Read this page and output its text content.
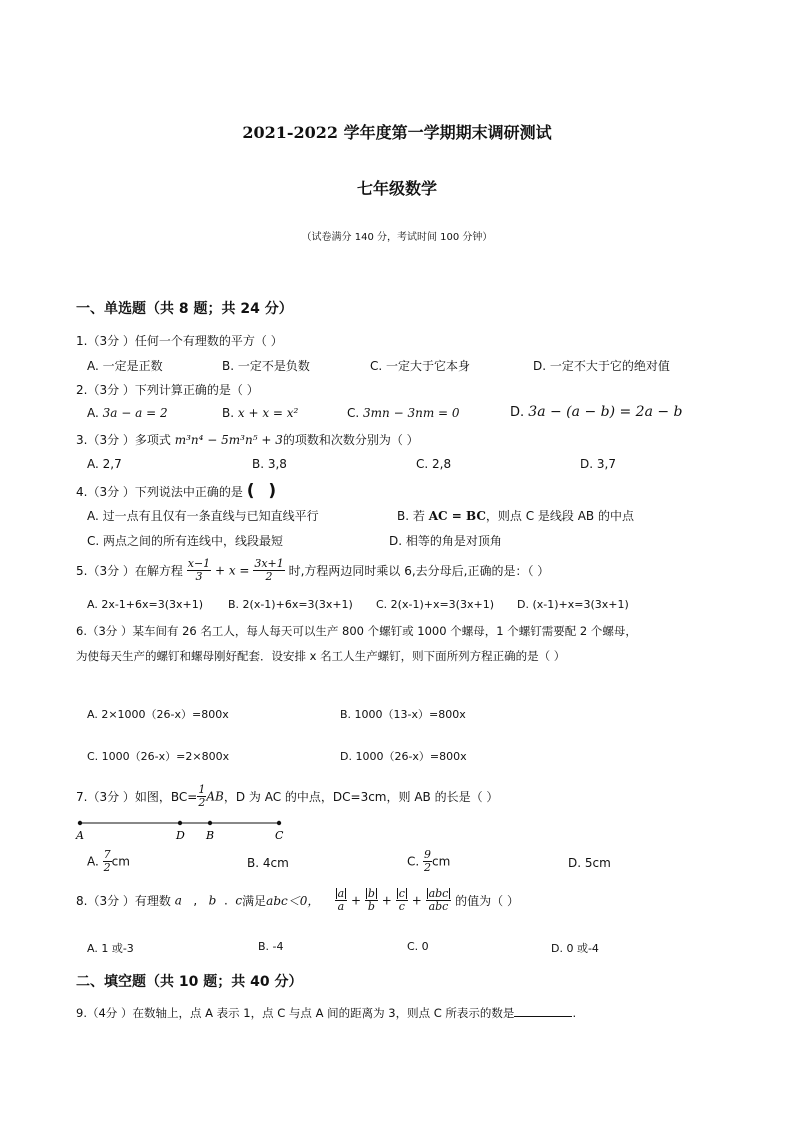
2021-2022 学年度第一学期期末调研测试
七年级数学
（试卷满分 140 分，考试时间 100 分钟）
一、单选题（共 8 题；共 24 分）
1.（3分 ）任何一个有理数的平方（ ）
A. 一定是正数	B. 一定不是负数	C. 一定大于它本身	D. 一定不大于它的绝对值
2.（3分 ）下列计算正确的是（ ）
A. 3a − a = 2	B. x + x = x²	C. 3mn − 3nm = 0	D. 3a − (a − b) = 2a − b
3.（3分 ）多项式 m³n⁴ − 5m³n⁵ + 3的项数和次数分别为（ ）
A. 2,7	B. 3,8	C. 2,8	D. 3,7
4.（3分 ）下列说法中正确的是 ( )
A. 过一点有且仅有一条直线与已知直线平行	B. 若 AC = BC，则点 C 是线段 AB 的中点
C. 两点之间的所有连线中，线段最短	D. 相等的角是对顶角
5.（3分 ）在解方程 $\frac{x-1}{3} + x = \frac{3x+1}{2}$ 时,方程两边同时乘以 6,去分母后,正确的是：（ ）
A. 2x-1+6x=3(3x+1) B. 2(x-1)+6x=3(3x+1) C. 2(x-1)+x=3(3x+1) D. (x-1)+x=3(3x+1)
6.（3分 ）某车间有 26 名工人，每人每天可以生产 800 个螺钉或 1000 个螺母，1 个螺钉需要配 2 个螺母，
为使每天生产的螺钉和螺母刚好配套．设安排 x 名工人生产螺钉，则下面所列方程正确的是（ ）
A. 2×1000（26-x）=800x	B. 1000（13-x）=800x
C. 1000（26-x）=2×800x	D. 1000（26-x）=800x
7.（3分 ）如图，$BC= \frac{1}{2}$ AB，D 为 AC 的中点，DC=3cm，则 AB 的长是（ ）
A	D B	C
A. $\frac{7}{2}$ cm	B. 4cm	C. $\frac{9}{2}$ cm	D. 5cm
8.（3分 ）有理数 a   ,   b  .  c满足abc＜0， $\frac{a}{a} + \frac{b}{b} + \frac{c}{c} + \frac{\text{abc}}{\text{abc}}$ 的值为（ ）
A. 1 或-3	B. -4	C. 0	D. 0 或-4
二、填空题（共 10 题；共 40 分）
9.（4分 ）在数轴上，点 A 表示 1，点 C 与点 A 间的距离为 3，则点 C 所表示的数是	.
